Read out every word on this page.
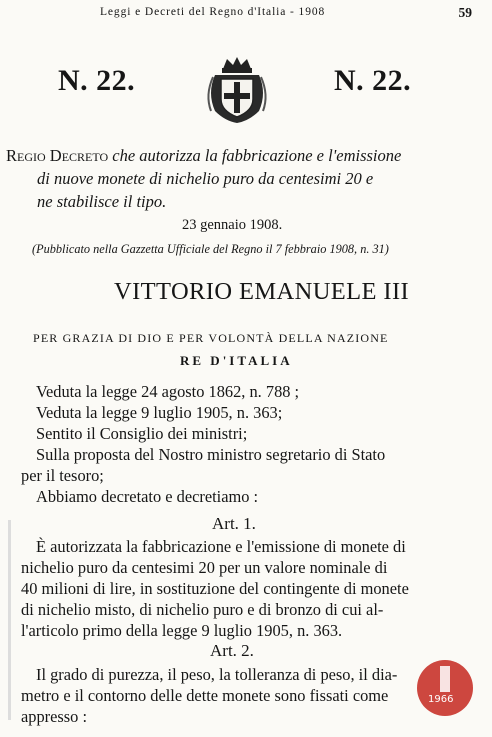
Leggi e Decreti del Regno d'Italia - 1908	59
N. 22.	N. 22.
Regio Decreto che autorizza la fabbricazione e l'emissione
di nuove monete di nichelio puro da centesimi 20 e
ne stabilisce il tipo.
23 gennaio 1908.
(Pubblicato nella Gazzetta Ufficiale del Regno il 7 febbraio 1908, n. 31)
VITTORIO EMANUELE III
PER GRAZIA DI DIO E PER VOLONTÀ DELLA NAZIONE
RE D'ITALIA
Veduta la legge 24 agosto 1862, n. 788 ;
Veduta la legge 9 luglio 1905, n. 363;
Sentito il Consiglio dei ministri;
Sulla proposta del Nostro ministro segretario di Stato
per il tesoro;
Abbiamo decretato e decretiamo :
Art. 1.
È autorizzata la fabbricazione e l'emissione di monete di
nichelio puro da centesimi 20 per un valore nominale di
40 milioni di lire, in sostituzione del contingente di monete
di nichelio misto, di nichelio puro e di bronzo di cui al-
l'articolo primo della legge 9 luglio 1905, n. 363.
Art. 2.
Il grado di purezza, il peso, la tolleranza di peso, il dia-
metro e il contorno delle dette monete sono fissati come
appresso :
1966
